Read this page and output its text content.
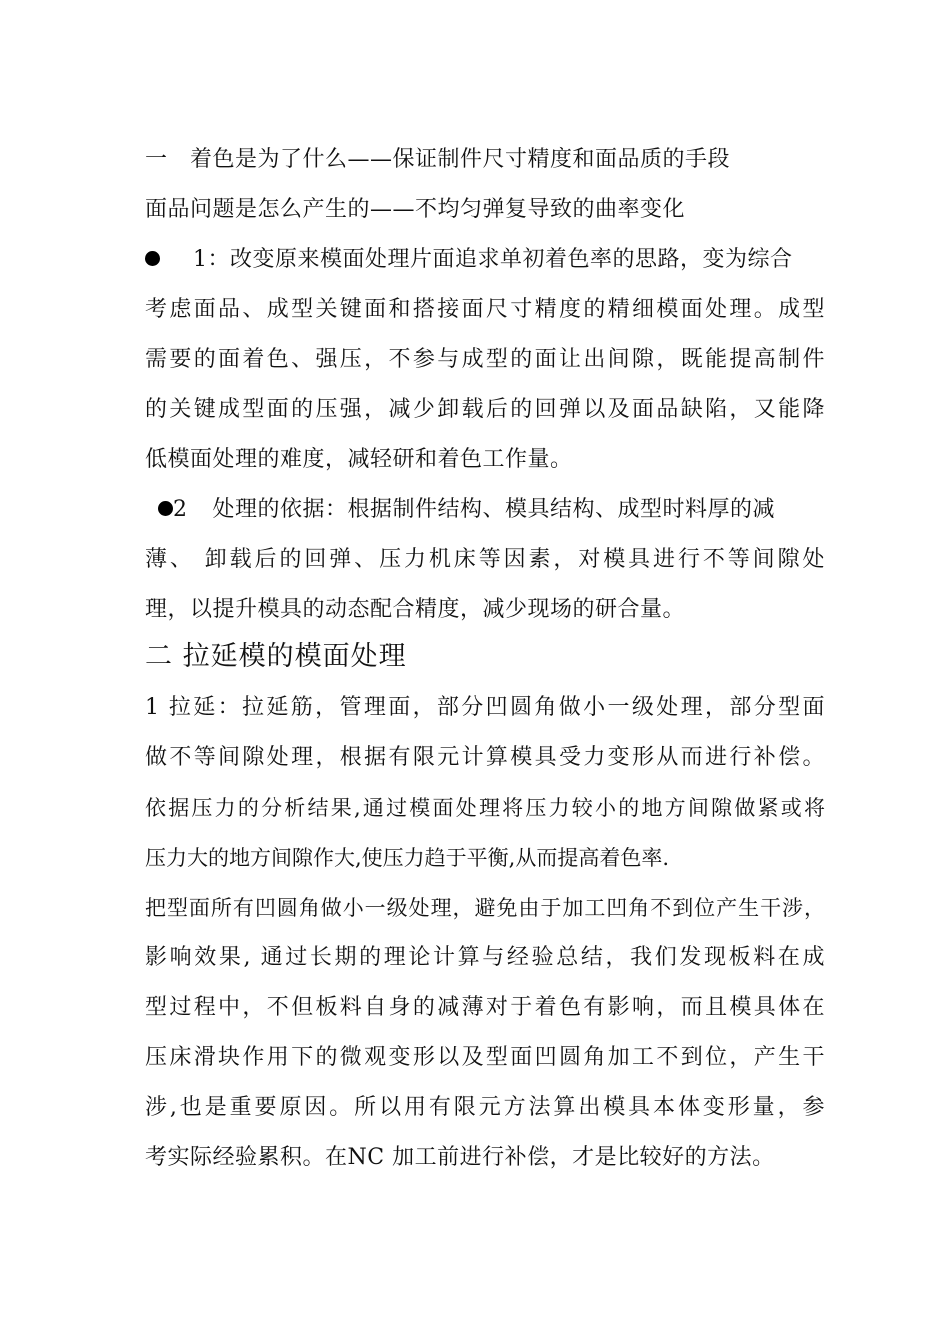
一　着色是为了什么——保证制件尺寸精度和面品质的手段
面品问题是怎么产生的——不均匀弹复导致的曲率变化
1：改变原来模面处理片面追求单初着色率的思路，变为综合
考虑面品、成型关键面和搭接面尺寸精度的精细模面处理。成型
需要的面着色、强压，不参与成型的面让出间隙，既能提高制件
的关键成型面的压强，减少卸载后的回弹以及面品缺陷，又能降
低模面处理的难度，减轻研和着色工作量。
2 处理的依据：根据制件结构、模具结构、成型时料厚的减
薄、 卸载后的回弹、压力机床等因素，对模具进行不等间隙处
理，以提升模具的动态配合精度，减少现场的研合量。
二 拉延模的模面处理
1 拉延：拉延筋，管理面，部分凹圆角做小一级处理，部分型面
做不等间隙处理，根据有限元计算模具受力变形从而进行补偿。
依据压力的分析结果,通过模面处理将压力较小的地方间隙做紧或将
压力大的地方间隙作大,使压力趋于平衡,从而提高着色率.
把型面所有凹圆角做小一级处理，避免由于加工凹角不到位产生干涉，
影响效果, 通过长期的理论计算与经验总结，我们发现板料在成
型过程中，不但板料自身的减薄对于着色有影响，而且模具体在
压床滑块作用下的微观变形以及型面凹圆角加工不到位，产生干
涉,也是重要原因。所以用有限元方法算出模具本体变形量，参
考实际经验累积。在NC 加工前进行补偿，才是比较好的方法。
